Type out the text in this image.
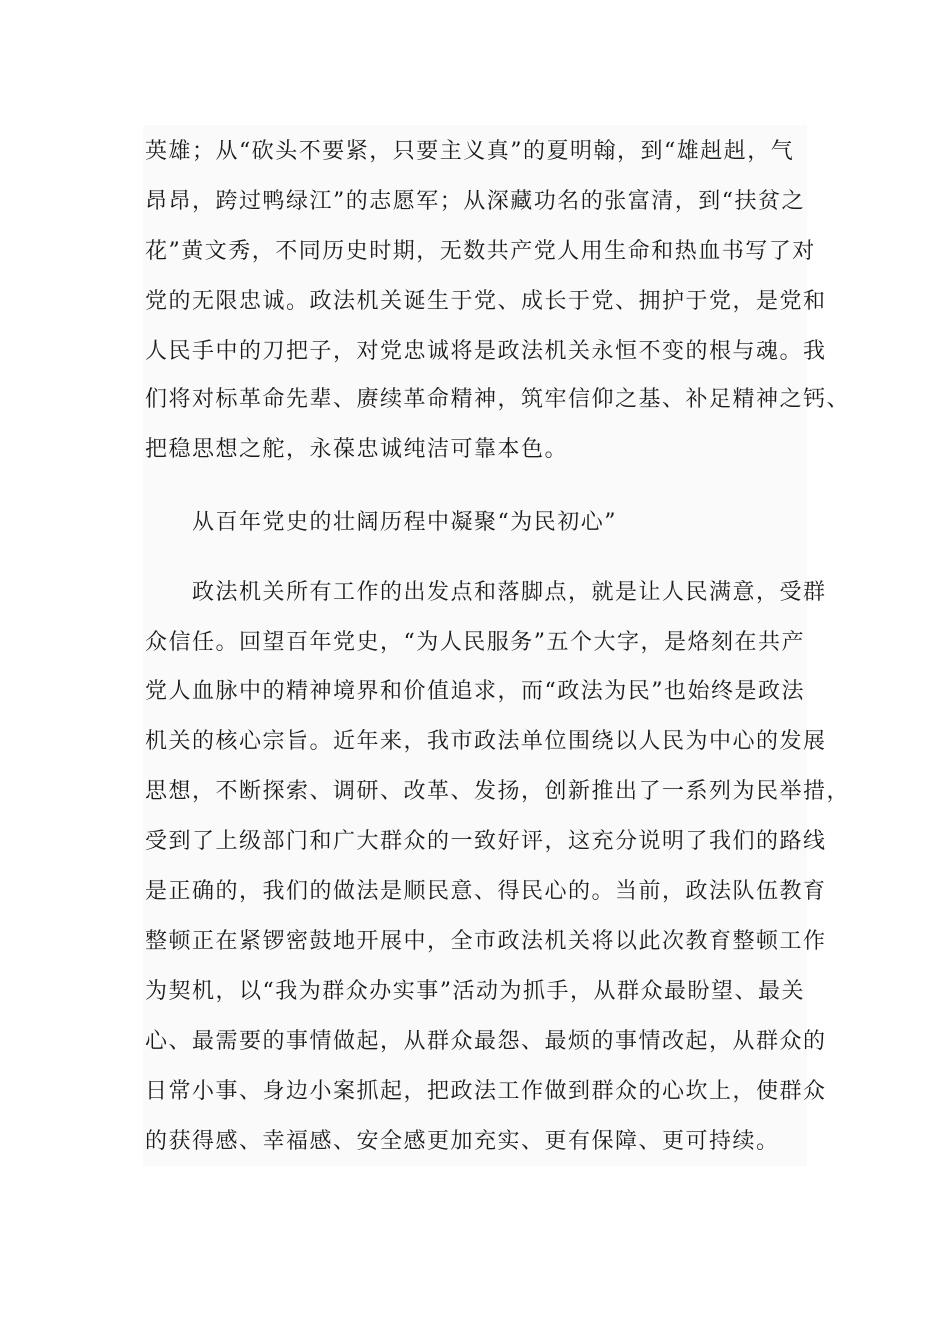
英雄；从“砍头不要紧，只要主义真”的夏明翰，到“雄赳赳，气
昂昂，跨过鸭绿江”的志愿军；从深藏功名的张富清，到“扶贫之
花”黄文秀，不同历史时期，无数共产党人用生命和热血书写了对
党的无限忠诚。政法机关诞生于党、成长于党、拥护于党，是党和
人民手中的刀把子，对党忠诚将是政法机关永恒不变的根与魂。我
们将对标革命先辈、赓续革命精神，筑牢信仰之基、补足精神之钙、
把稳思想之舵，永葆忠诚纯洁可靠本色。
　　从百年党史的壮阔历程中凝聚“为民初心”
　　政法机关所有工作的出发点和落脚点，就是让人民满意，受群
众信任。回望百年党史，“为人民服务”五个大字，是烙刻在共产
党人血脉中的精神境界和价值追求，而“政法为民”也始终是政法
机关的核心宗旨。近年来，我市政法单位围绕以人民为中心的发展
思想，不断探索、调研、改革、发扬，创新推出了一系列为民举措，
受到了上级部门和广大群众的一致好评，这充分说明了我们的路线
是正确的，我们的做法是顺民意、得民心的。当前，政法队伍教育
整顿正在紧锣密鼓地开展中，全市政法机关将以此次教育整顿工作
为契机，以“我为群众办实事”活动为抓手，从群众最盼望、最关
心、最需要的事情做起，从群众最怨、最烦的事情改起，从群众的
日常小事、身边小案抓起，把政法工作做到群众的心坎上，使群众
的获得感、幸福感、安全感更加充实、更有保障、更可持续。
